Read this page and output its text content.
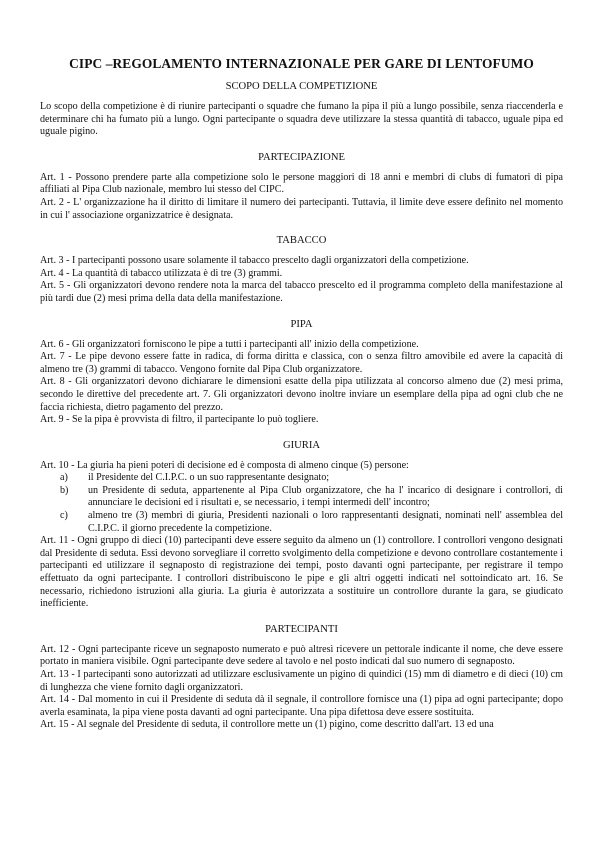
CIPC –REGOLAMENTO INTERNAZIONALE PER GARE DI LENTOFUMO
SCOPO DELLA COMPETIZIONE

Lo scopo della competizione è di riunire partecipanti o squadre che fumano la pipa il più a lungo possibile, senza riaccenderla e determinare chi ha fumato più a lungo. Ogni partecipante o squadra deve utilizzare la stessa quantità di tabacco, uguale pipa ed uguale pigino.

PARTECIPAZIONE

Art. 1 - Possono prendere parte alla competizione solo le persone maggiori di 18 anni e membri di clubs di fumatori di pipa affiliati al Pipa Club nazionale, membro lui stesso del CIPC.

Art. 2 - L' organizzazione ha il diritto di limitare il numero dei partecipanti. Tuttavia, il limite deve essere definito nel momento in cui l' associazione organizzatrice è designata.

TABACCO

Art. 3 - I partecipanti possono usare solamente il tabacco prescelto dagli organizzatori della competizione.

Art. 4 - La quantità di tabacco utilizzata è di tre (3) grammi.

Art. 5 - Gli organizzatori devono rendere nota la marca del tabacco prescelto ed il programma completo della manifestazione al più tardi due (2) mesi prima della data della manifestazione.

PIPA

Art. 6 - Gli organizzatori forniscono le pipe a tutti i partecipanti all' inizio della competizione.

Art. 7 - Le pipe devono essere fatte in radica, di forma diritta e classica, con o senza filtro amovibile ed avere la capacità di almeno tre (3) grammi di tabacco. Vengono fornite dal Pipa Club organizzatore.

Art. 8 - Gli organizzatori devono dichiarare le dimensioni esatte della pipa utilizzata al concorso almeno due (2) mesi prima, secondo le direttive del precedente art. 7. Gli organizzatori devono inoltre inviare un esemplare della pipa ad ogni club che ne faccia richiesta, dietro pagamento del prezzo.

Art. 9 - Se la pipa è provvista di filtro, il partecipante lo può togliere.

GIURIA

Art. 10 - La giuria ha pieni poteri di decisione ed è composta di almeno cinque (5) persone:

a)	il Presidente del C.I.P.C. o un suo rappresentante designato;
b)	un Presidente di seduta, appartenente al Pipa Club organizzatore, che ha l' incarico di designare i controllori, di annunciare le decisioni ed i risultati e, se necessario, i tempi intermedi dell' incontro;
c)	almeno tre (3) membri di giuria, Presidenti nazionali o loro rappresentanti designati, nominati nell' assemblea del C.I.P.C. il giorno precedente la competizione.

Art. 11 - Ogni gruppo di dieci (10) partecipanti deve essere seguito da almeno un (1) controllore. I controllori vengono designati dal Presidente di seduta. Essi devono sorvegliare il corretto svolgimento della competizione e devono controllare costantemente i partecipanti ed utilizzare il segnaposto di registrazione dei tempi, posto davanti ogni partecipante, per registrare il tempo effettuato da ogni partecipante. I controllori distribuiscono le pipe e gli altri oggetti indicati nel sottoindicato art. 16. Se necessario, richiedono istruzioni alla giuria. La giuria è autorizzata a sostituire un controllore durante la gara, se giudicato inefficiente.

PARTECIPANTI

Art. 12 - Ogni partecipante riceve un segnaposto numerato e può altresì ricevere un pettorale indicante il nome, che deve essere portato in maniera visibile. Ogni partecipante deve sedere al tavolo e nel posto indicati dal suo numero di segnaposto.

Art. 13 - I partecipanti sono autorizzati ad utilizzare esclusivamente un pigino di quindici (15) mm di diametro e di dieci (10) cm di lunghezza che viene fornito dagli organizzatori.

Art. 14 - Dal momento in cui il Presidente di seduta dà il segnale, il controllore fornisce una (1) pipa ad ogni partecipante; dopo averla esaminata, la pipa viene posta davanti ad ogni partecipante. Una pipa difettosa deve essere sostituita.

Art. 15 - Al segnale del Presidente di seduta, il controllore mette un (1) pigino, come descritto dall'art. 13 ed una
